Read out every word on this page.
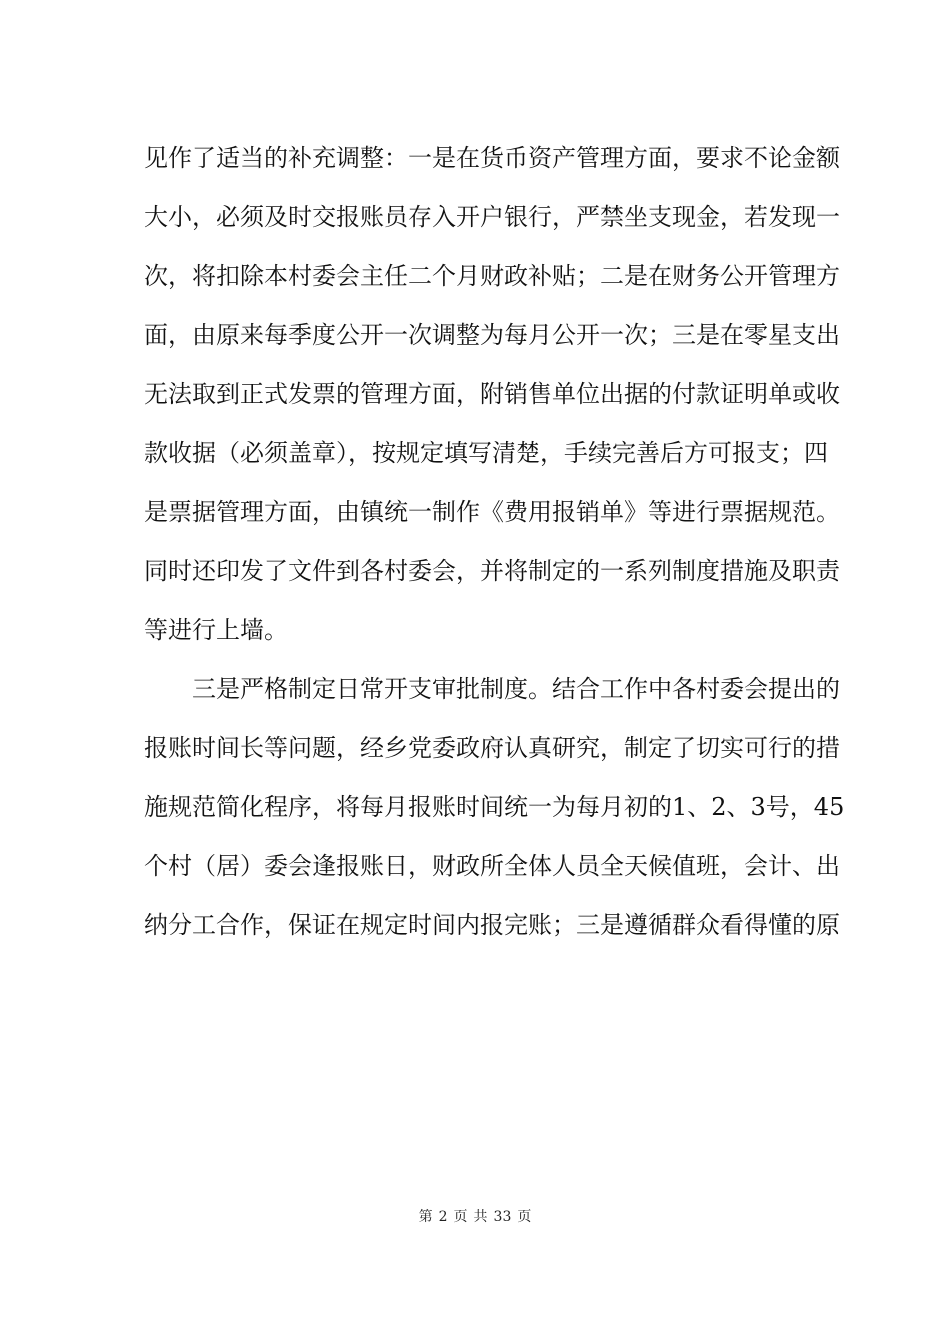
见作了适当的补充调整：一是在货币资产管理方面，要求不论金额
大小，必须及时交报账员存入开户银行，严禁坐支现金，若发现一
次，将扣除本村委会主任二个月财政补贴；二是在财务公开管理方
面，由原来每季度公开一次调整为每月公开一次；三是在零星支出
无法取到正式发票的管理方面，附销售单位出据的付款证明单或收
款收据（必须盖章），按规定填写清楚，手续完善后方可报支；四
是票据管理方面，由镇统一制作《费用报销单》等进行票据规范。
同时还印发了文件到各村委会，并将制定的一系列制度措施及职责
等进行上墙。
三是严格制定日常开支审批制度。结合工作中各村委会提出的
报账时间长等问题，经乡党委政府认真研究，制定了切实可行的措
施规范简化程序，将每月报账时间统一为每月初的1、2、3号，45
个村（居）委会逢报账日，财政所全体人员全天候值班，会计、出
纳分工合作，保证在规定时间内报完账；三是遵循群众看得懂的原
第 2 页 共 33 页
